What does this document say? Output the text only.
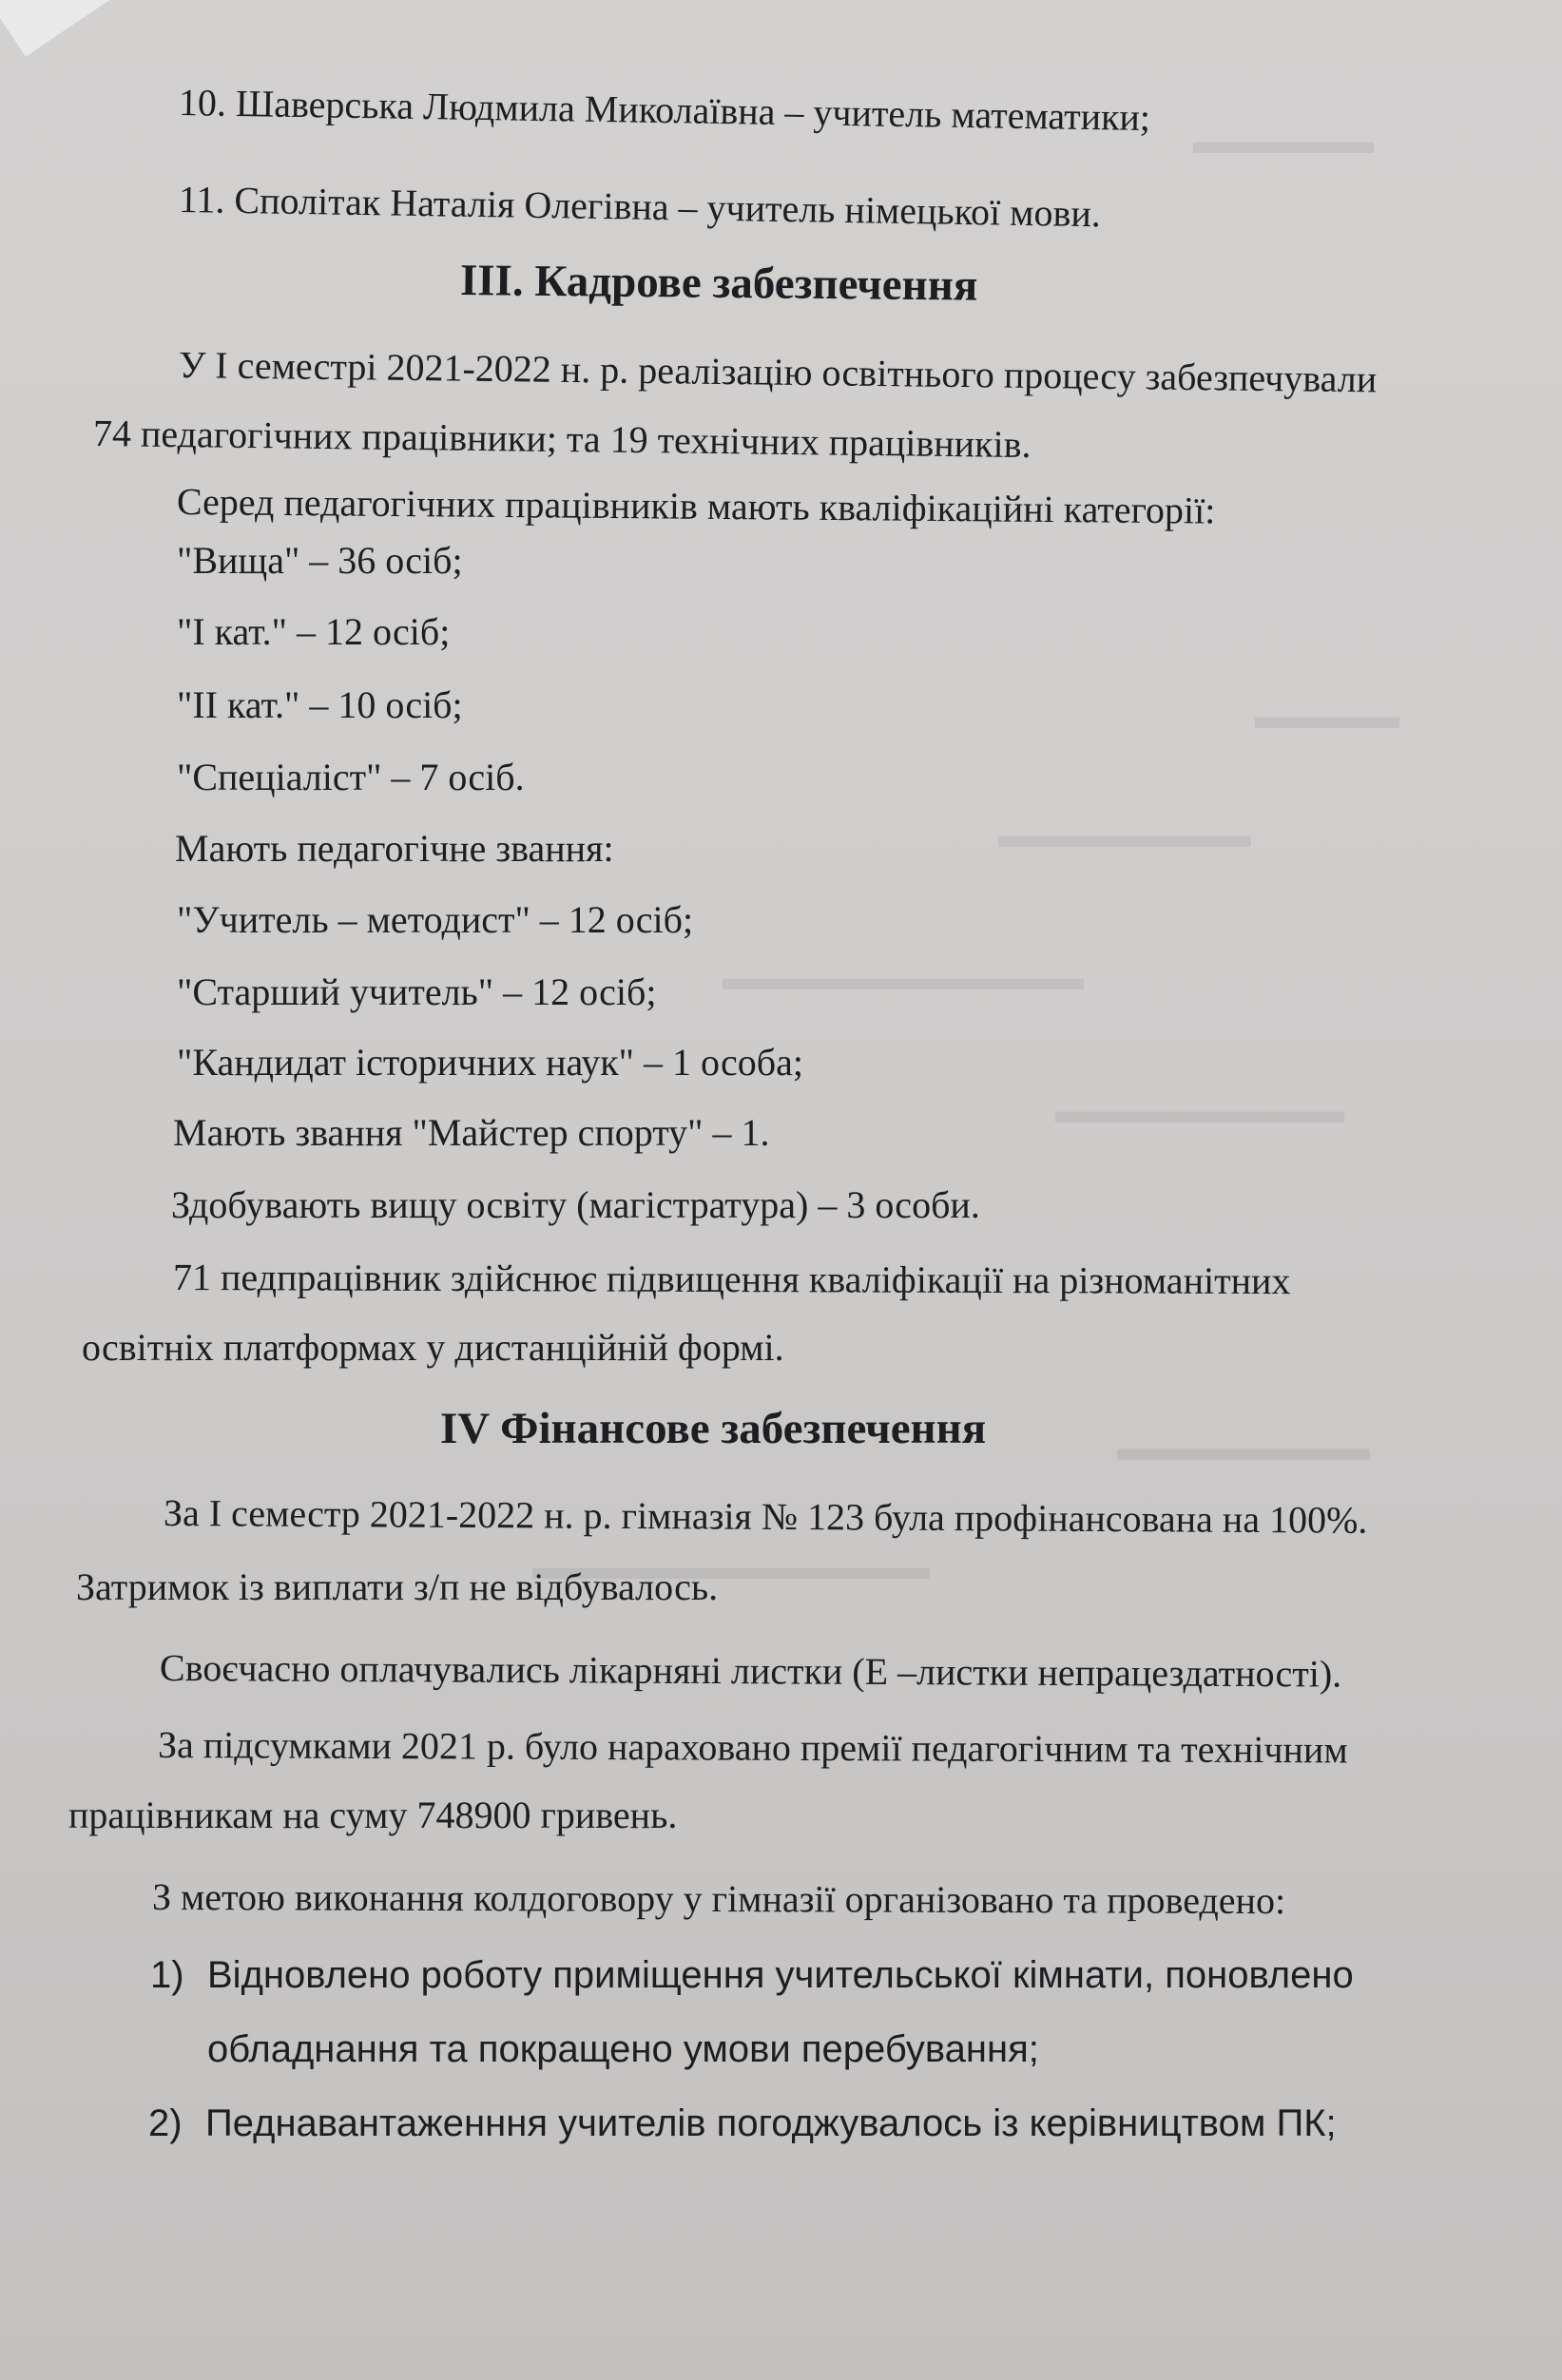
▬▬▬▬▬
▬▬▬▬
▬▬▬▬▬▬▬
▬▬▬▬▬▬▬▬▬▬
▬▬▬▬▬▬▬▬
▬▬▬▬▬▬▬
▬▬▬▬▬▬▬▬▬▬▬
10. Шаверська Людмила Миколаївна – учитель математики;
11. Сполітак Наталія Олегівна – учитель німецької мови.
ІІІ. Кадрове забезпечення
У І семестрі 2021-2022 н. р. реалізацію освітнього процесу забезпечували
74 педагогічних працівники; та 19 технічних працівників.
Серед педагогічних працівників мають кваліфікаційні категорії:
"Вища" – 36 осіб;
"І кат." – 12 осіб;
"ІІ кат." – 10 осіб;
"Спеціаліст" – 7 осіб.
Мають педагогічне звання:
"Учитель – методист" – 12 осіб;
"Старший учитель" – 12 осіб;
"Кандидат історичних наук" – 1 особа;
Мають звання "Майстер спорту" – 1.
Здобувають вищу освіту (магістратура) – 3 особи.
71 педпрацівник здійснює підвищення кваліфікації на різноманітних
освітніх платформах у дистанційній формі.
IV Фінансове забезпечення
За І семестр 2021-2022 н. р. гімназія № 123 була профінансована на 100%.
Затримок із виплати з/п не відбувалось.
Своєчасно оплачувались лікарняні листки (Е –листки непрацездатності).
За підсумками 2021 р. було нараховано премії педагогічним та технічним
працівникам на суму 748900 гривень.
З метою виконання колдоговору у гімназії організовано та проведено:
1) Відновлено роботу приміщення учительської кімнати, поновлено
обладнання та покращено умови перебування;
2) Педнавантаженння учителів погоджувалось із керівництвом ПК;
